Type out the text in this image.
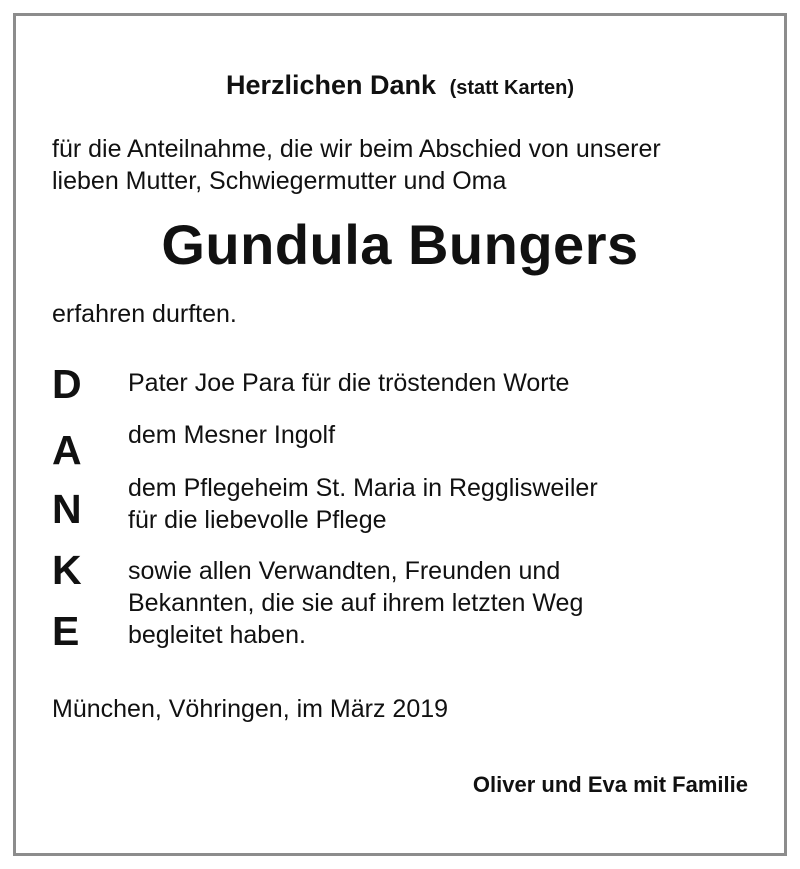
Herzlichen Dank (statt Karten)
für die Anteilnahme, die wir beim Abschied von unserer
lieben Mutter, Schwiegermutter und Oma
Gundula Bungers
erfahren durften.
D
A
N
K
E
Pater Joe Para für die tröstenden Worte
dem Mesner Ingolf
dem Pflegeheim St. Maria in Regglisweiler
für die liebevolle Pflege
sowie allen Verwandten, Freunden und
Bekannten, die sie auf ihrem letzten Weg
begleitet haben.
München, Vöhringen, im März 2019
Oliver und Eva mit Familie
